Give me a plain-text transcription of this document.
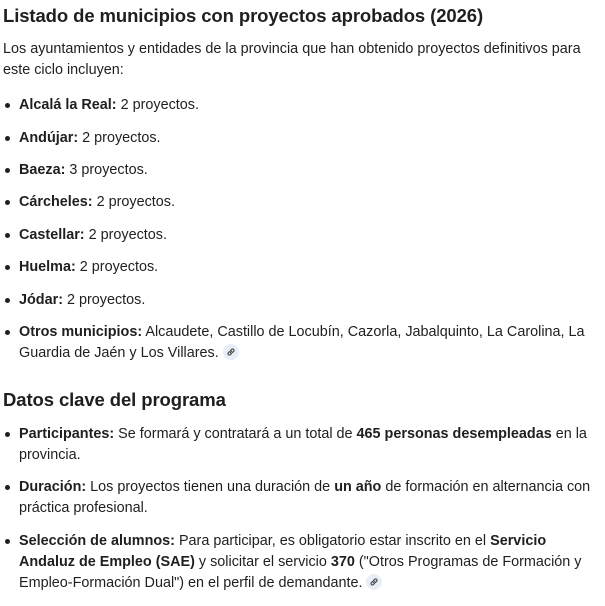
Listado de municipios con proyectos aprobados (2026)

Los ayuntamientos y entidades de la provincia que han obtenido proyectos definitivos para este ciclo incluyen:

Alcalá la Real: 2 proyectos.
Andújar: 2 proyectos.
Baeza: 3 proyectos.
Cárcheles: 2 proyectos.
Castellar: 2 proyectos.
Huelma: 2 proyectos.
Jódar: 2 proyectos.
Otros municipios: Alcaudete, Castillo de Locubín, Cazorla, Jabalquinto, La Carolina, La Guardia de Jaén y Los Villares.
Datos clave del programa
Participantes: Se formará y contratará a un total de 465 personas desempleadas en la provincia.
Duración: Los proyectos tienen una duración de un año de formación en alternancia con práctica profesional.
Selección de alumnos: Para participar, es obligatorio estar inscrito en el Servicio Andaluz de Empleo (SAE) y solicitar el servicio 370 ("Otros Programas de Formación y Empleo-Formación Dual") en el perfil de demandante.
